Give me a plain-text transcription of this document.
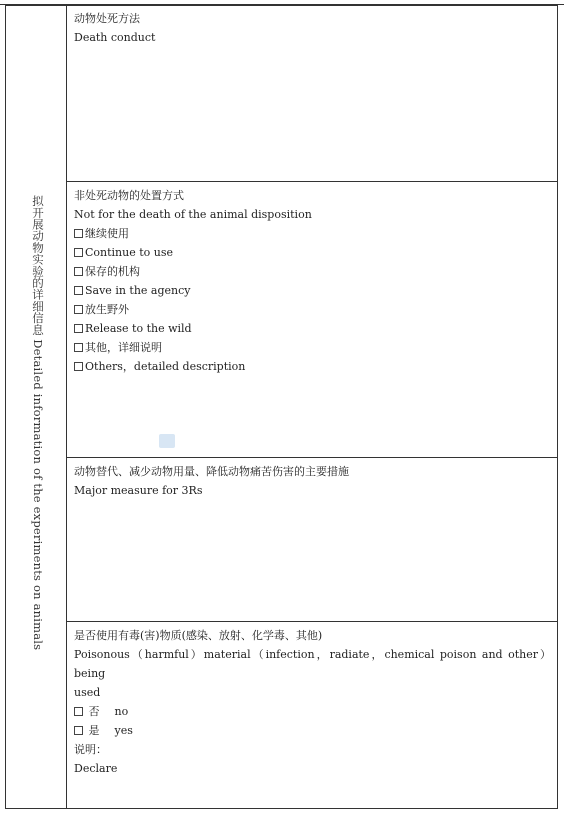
拟开展动物实验的详细信息 Detailed information of the experiments on animals
动物处死方法
Death conduct
非处死动物的处置方式
Not for the death of the animal disposition
继续使用
Continue to use
保存的机构
Save in the agency
放生野外
Release to the wild
其他，详细说明
Others，detailed description
动物替代、减少动物用量、降低动物痛苦伤害的主要措施
Major measure for 3Rs
是否使用有毒(害)物质(感染、放射、化学毒、其他)
Poisonous（harmful）material（infection，radiate，chemical poison and other）being
used
否 no
是 yes
说明：
Declare
